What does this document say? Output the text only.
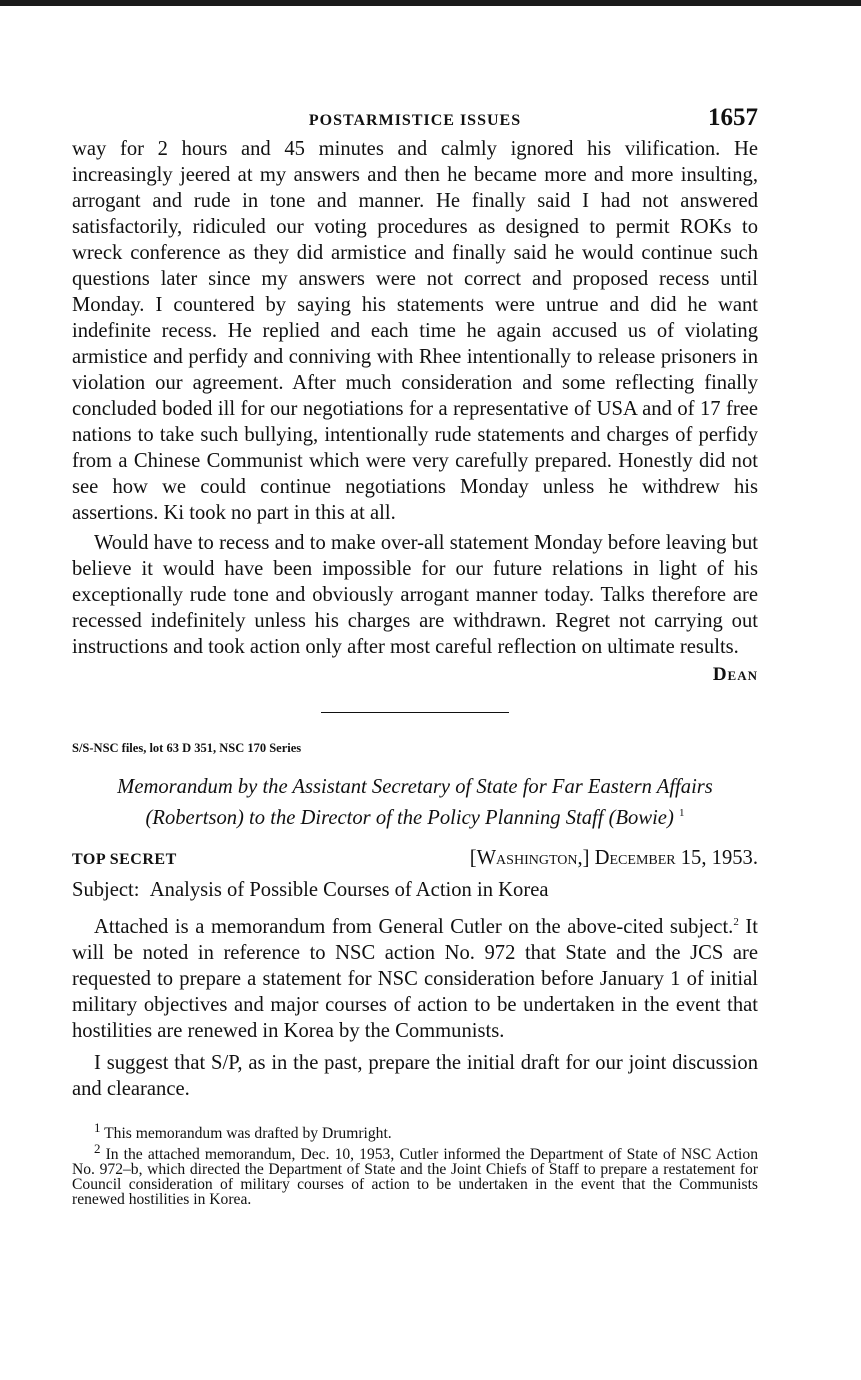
POSTARMISTICE ISSUES	1657

way for 2 hours and 45 minutes and calmly ignored his vilification. He increasingly jeered at my answers and then he became more and more insulting, arrogant and rude in tone and manner. He finally said I had not answered satisfactorily, ridiculed our voting procedures as designed to permit ROKs to wreck conference as they did armistice and finally said he would continue such questions later since my answers were not correct and proposed recess until Monday. I countered by saying his statements were untrue and did he want indefinite recess. He replied and each time he again accused us of violating armistice and perfidy and conniving with Rhee intentionally to release prisoners in violation our agreement. After much consideration and some reflecting finally concluded boded ill for our negotiations for a representative of USA and of 17 free nations to take such bullying, intentionally rude statements and charges of perfidy from a Chinese Communist which were very carefully prepared. Honestly did not see how we could continue negotiations Monday unless he withdrew his assertions. Ki took no part in this at all.

Would have to recess and to make over-all statement Monday before leaving but believe it would have been impossible for our future relations in light of his exceptionally rude tone and obviously arrogant manner today. Talks therefore are recessed indefinitely unless his charges are withdrawn. Regret not carrying out instructions and took action only after most careful reflection on ultimate results.

Dean
S/S-NSC files, lot 63 D 351, NSC 170 Series
Memorandum by the Assistant Secretary of State for Far Eastern Affairs
(Robertson) to the Director of the Policy Planning Staff (Bowie) $^1$
TOP SECRET	[Washington,] December 15, 1953.
Subject: Analysis of Possible Courses of Action in Korea

Attached is a memorandum from General Cutler on the above-cited subject.$^2$ It will be noted in reference to NSC action No. 972 that State and the JCS are requested to prepare a statement for NSC consideration before January 1 of initial military objectives and major courses of action to be undertaken in the event that hostilities are renewed in Korea by the Communists.

I suggest that S/P, as in the past, prepare the initial draft for our joint discussion and clearance.

$^1$ This memorandum was drafted by Drumright.

$^2$ In the attached memorandum, Dec. 10, 1953, Cutler informed the Department of State of NSC Action No. 972–b, which directed the Department of State and the Joint Chiefs of Staff to prepare a restatement for Council consideration of military courses of action to be undertaken in the event that the Communists renewed hostilities in Korea.
